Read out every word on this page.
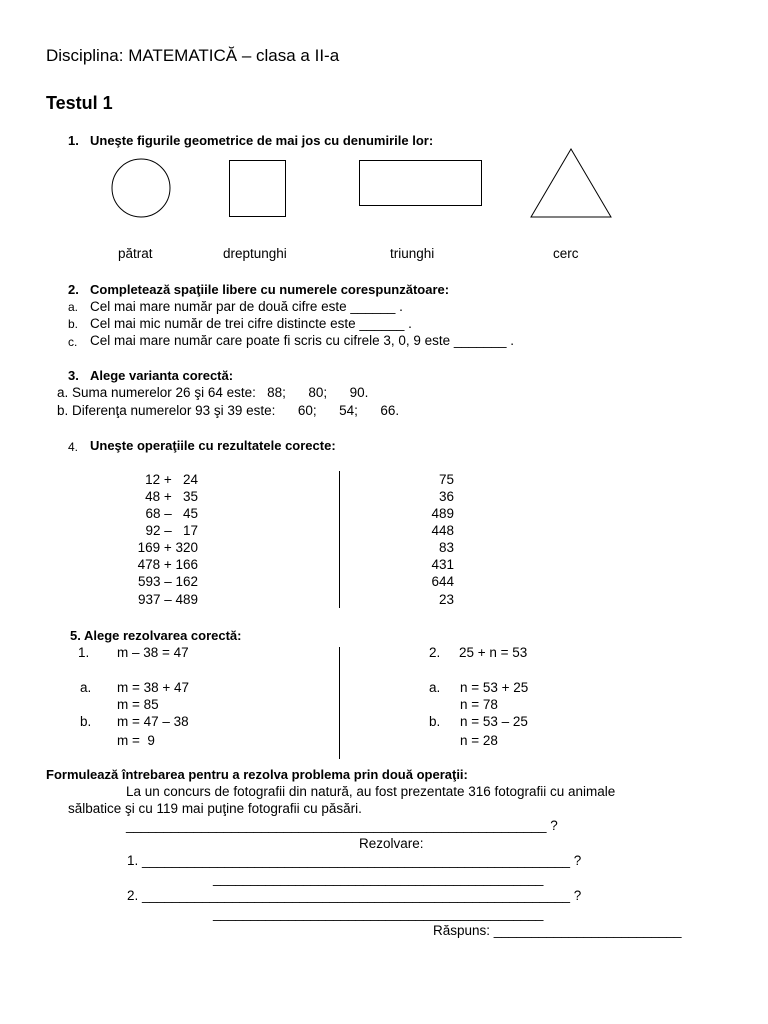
Disciplina: MATEMATICĂ – clasa a II-a
Testul 1
1. Uneşte figurile geometrice de mai jos cu denumirile lor:
pătrat	dreptunghi	triunghi	cerc
2. Completează spaţiile libere cu numerele corespunzătoare:
a. Cel mai mare număr par de două cifre este ______ .
b. Cel mai mic număr de trei cifre distincte este ______ .
c. Cel mai mare număr care poate fi scris cu cifrele 3, 0, 9 este _______ .
3. Alege varianta corectă:
a. Suma numerelor 26 şi 64 este:   88;      80;      90.
b. Diferenţa numerelor 93 şi 39 este:      60;      54;      66.
4. Uneşte operaţiile cu rezultatele corecte:
12 +   24
48 +   35
68 –   45
92 –   17
169 + 320
478 + 166
593 – 162
937 – 489
75
36
489
448
83
431
644
23
5. Alege rezolvarea corectă:
1. m – 38 = 47
a. m = 38 + 47
m = 85
b. m = 47 – 38
m =  9
2. 25 + n = 53
a. n = 53 + 25
n = 78
b. n = 53 – 25
n = 28
Formulează întrebarea pentru a rezolva problema prin două operaţii:
La un concurs de fotografii din natură, au fost prezentate 316 fotografii cu animale
sălbatice şi cu 119 mai puţine fotografii cu păsări.
________________________________________________________ ?
Rezolvare:
1. _________________________________________________________ ?
____________________________________________
2. _________________________________________________________ ?
____________________________________________
Răspuns: _________________________
